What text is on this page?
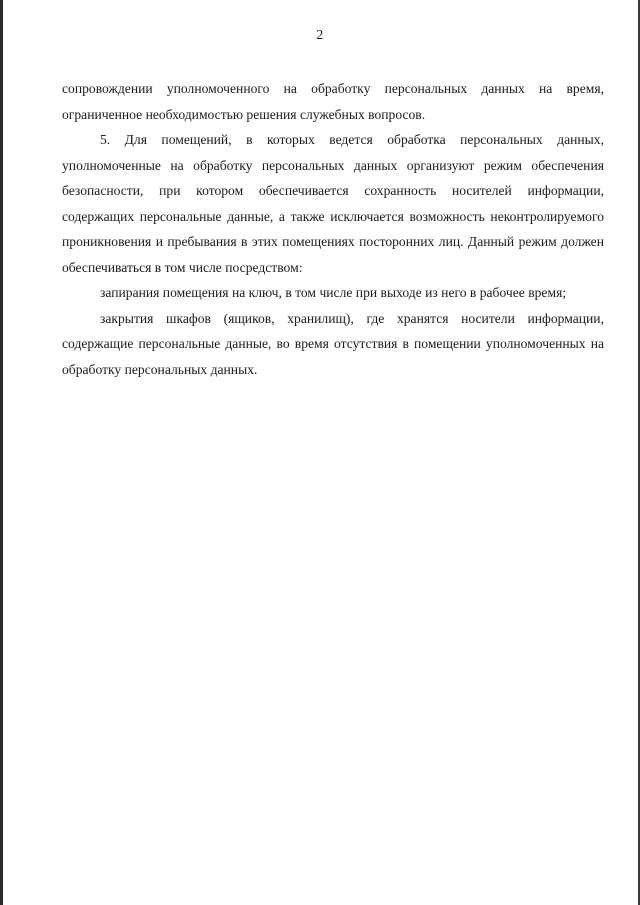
2

сопровождении уполномоченного на обработку персональных данных на время, ограниченное необходимостью решения служебных вопросов.

5. Для помещений, в которых ведется обработка персональных данных, уполномоченные на обработку персональных данных организуют режим обеспечения безопасности, при котором обеспечивается сохранность носителей информации, содержащих персональные данные, а также исключается возможность неконтролируемого проникновения и пребывания в этих помещениях посторонних лиц. Данный режим должен обеспечиваться в том числе посредством:

запирания помещения на ключ, в том числе при выходе из него в рабочее время;

закрытия шкафов (ящиков, хранилищ), где хранятся носители информации, содержащие персональные данные, во время отсутствия в помещении уполномоченных на обработку персональных данных.
